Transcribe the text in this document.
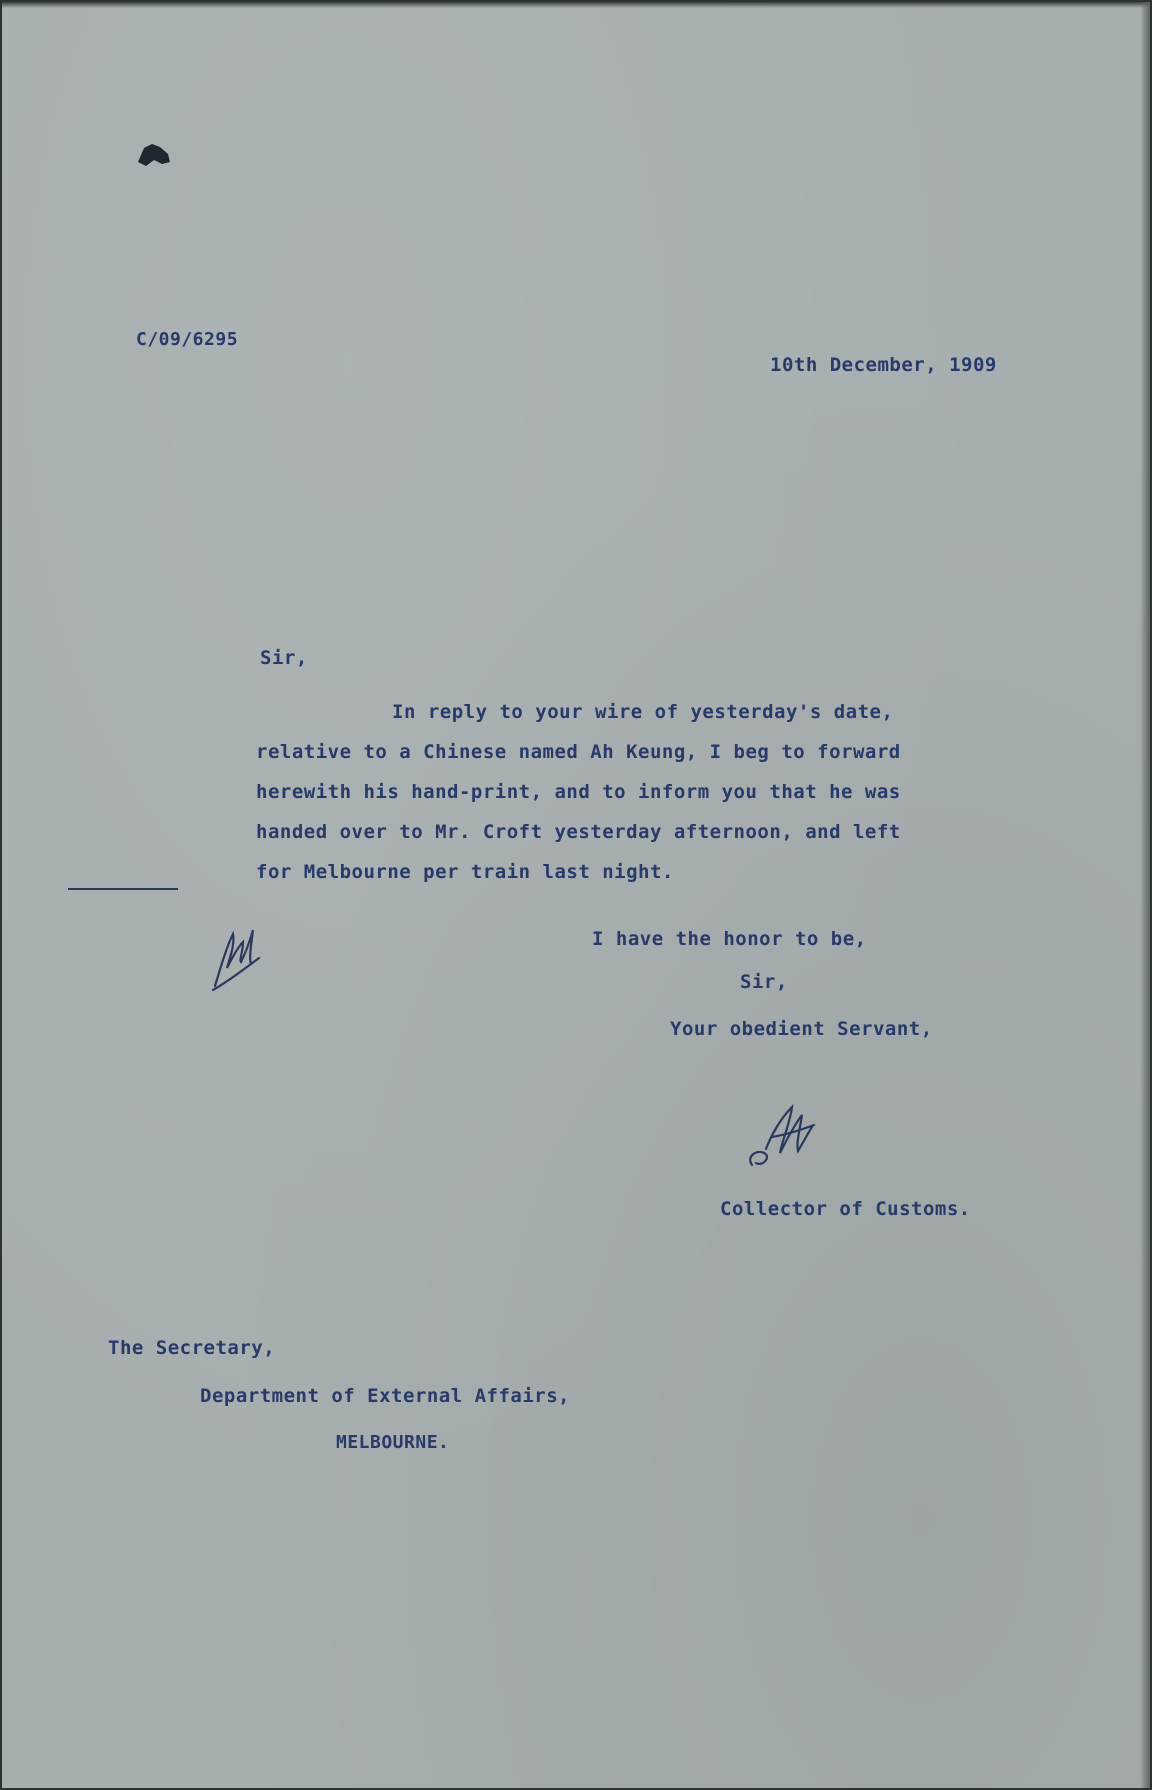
C/09/6295
10th December, 1909
Sir,
In reply to your wire of yesterday's date,
relative to a Chinese named Ah Keung, I beg to forward
herewith his hand-print, and to inform you that he was
handed over to Mr. Croft yesterday afternoon, and left
for Melbourne per train last night.
I have the honor to be,
Sir,
Your obedient Servant,
Collector of Customs.
The Secretary,
Department of External Affairs,
MELBOURNE.
